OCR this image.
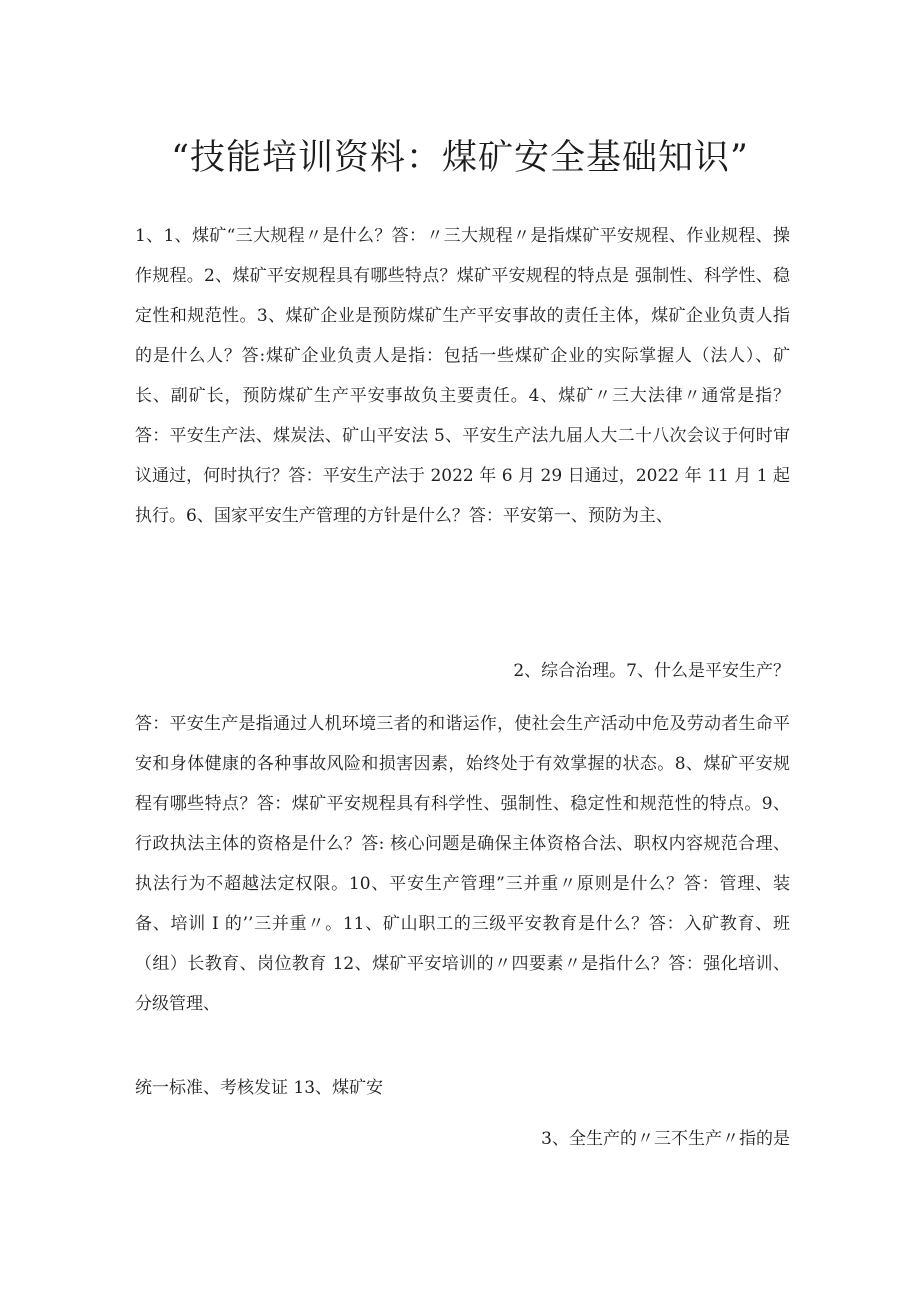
“技能培训资料：煤矿安全基础知识”

1、1、煤矿“三大规程〃是什么？答：〃三大规程〃是指煤矿平安规程、作业规程、操作规程。2、煤矿平安规程具有哪些特点？煤矿平安规程的特点是 强制性、科学性、稳定性和规范性。3、煤矿企业是预防煤矿生产平安事故的责任主体，煤矿企业负责人指的是什么人？答:煤矿企业负责人是指：包括一些煤矿企业的实际掌握人（法人）、矿长、副矿长，预防煤矿生产平安事故负主要责任。4、煤矿〃三大法律〃通常是指？答：平安生产法、煤炭法、矿山平安法 5、平安生产法九届人大二十八次会议于何时审议通过，何时执行？答：平安生产法于 2022 年 6 月 29 日通过，2022 年 11 月 1 起执行。6、国家平安生产管理的方针是什么？答：平安第一、预防为主、

2、综合治理。7、什么是平安生产？

答：平安生产是指通过人机环境三者的和谐运作，使社会生产活动中危及劳动者生命平安和身体健康的各种事故风险和损害因素，始终处于有效掌握的状态。8、煤矿平安规程有哪些特点？答：煤矿平安规程具有科学性、强制性、稳定性和规范性的特点。9、行政执法主体的资格是什么？答: 核心问题是确保主体资格合法、职权内容规范合理、执法行为不超越法定权限。10、平安生产管理”三并重〃原则是什么？答：管理、装备、培训 I 的’’三并重〃。11、矿山职工的三级平安教育是什么？答：入矿教育、班（组）长教育、岗位教育 12、煤矿平安培训的〃四要素〃是指什么？答：强化培训、分级管理、

统一标准、考核发证 13、煤矿安

3、全生产的〃三不生产〃指的是
